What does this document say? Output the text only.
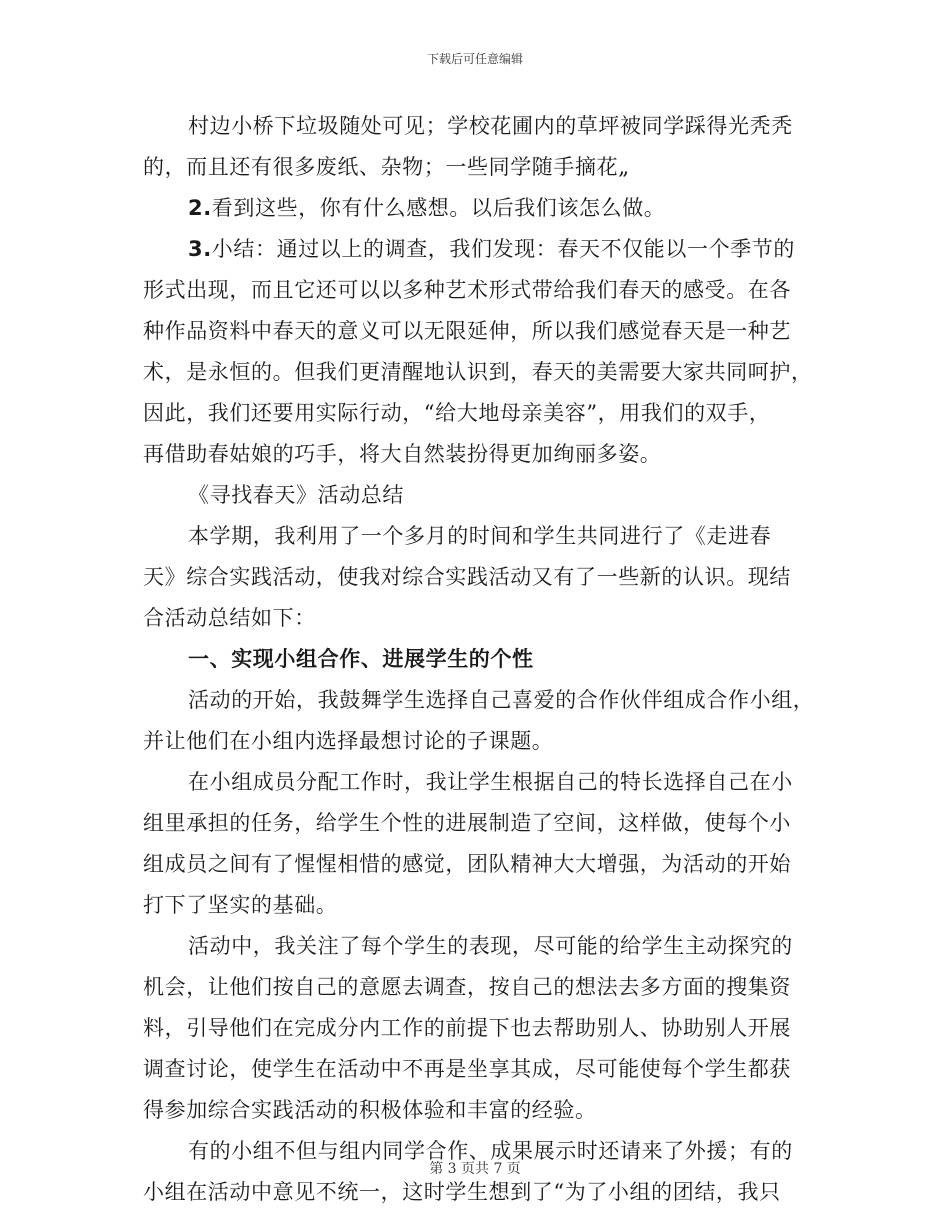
下载后可任意编辑
村边小桥下垃圾随处可见；学校花圃内的草坪被同学踩得光秃秃
的，而且还有很多废纸、杂物；一些同学随手摘花„
2.看到这些，你有什么感想。以后我们该怎么做。
3.小结：通过以上的调查，我们发现：春天不仅能以一个季节的
形式出现，而且它还可以以多种艺术形式带给我们春天的感受。在各
种作品资料中春天的意义可以无限延伸，所以我们感觉春天是一种艺
术，是永恒的。但我们更清醒地认识到，春天的美需要大家共同呵护，
因此，我们还要用实际行动，“给大地母亲美容”，用我们的双手，
再借助春姑娘的巧手，将大自然装扮得更加绚丽多姿。
《寻找春天》活动总结
本学期，我利用了一个多月的时间和学生共同进行了《走进春
天》综合实践活动，使我对综合实践活动又有了一些新的认识。现结
合活动总结如下：
一、实现小组合作、进展学生的个性
活动的开始，我鼓舞学生选择自己喜爱的合作伙伴组成合作小组，
并让他们在小组内选择最想讨论的子课题。
在小组成员分配工作时，我让学生根据自己的特长选择自己在小
组里承担的任务，给学生个性的进展制造了空间，这样做，使每个小
组成员之间有了惺惺相惜的感觉，团队精神大大增强，为活动的开始
打下了坚实的基础。
活动中，我关注了每个学生的表现，尽可能的给学生主动探究的
机会，让他们按自己的意愿去调查，按自己的想法去多方面的搜集资
料，引导他们在完成分内工作的前提下也去帮助别人、协助别人开展
调查讨论，使学生在活动中不再是坐享其成，尽可能使每个学生都获
得参加综合实践活动的积极体验和丰富的经验。
有的小组不但与组内同学合作、成果展示时还请来了外援；有的
小组在活动中意见不统一，这时学生想到了“为了小组的团结，我只
第 3 页共 7 页
